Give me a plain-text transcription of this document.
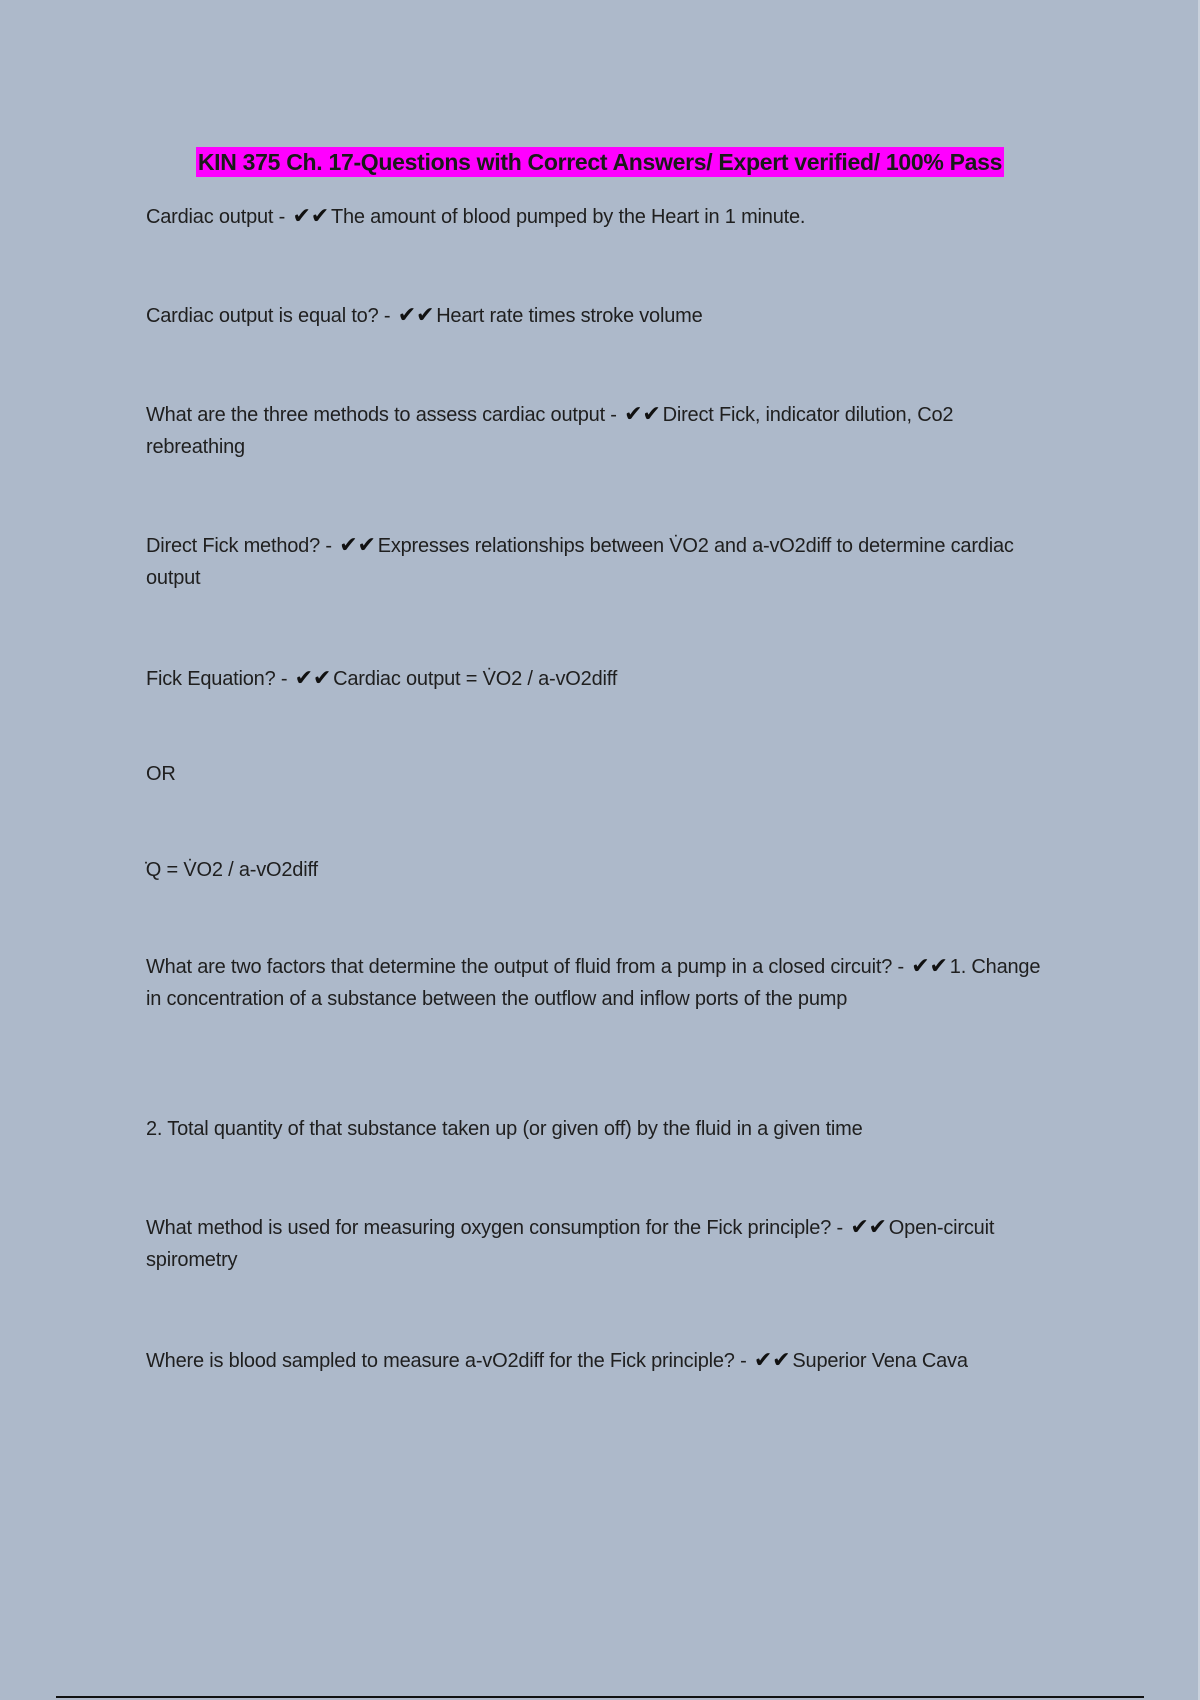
KIN 375 Ch. 17-Questions with Correct Answers/ Expert verified/ 100% Pass
Cardiac output - ✔✔ The amount of blood pumped by the Heart in 1 minute.
Cardiac output is equal to? - ✔✔ Heart rate times stroke volume
What are the three methods to assess cardiac output - ✔✔ Direct Fick, indicator dilution, Co2 rebreathing
Direct Fick method? - ✔✔ Expresses relationships between V̇O2 and a-vO2diff to determine cardiac output
Fick Equation? - ✔✔ Cardiac output = V̇O2 / a-vO2diff
OR
̇Q = V̇O2 / a-vO2diff
What are two factors that determine the output of fluid from a pump in a closed circuit? - ✔✔ 1. Change in concentration of a substance between the outflow and inflow ports of the pump
2. Total quantity of that substance taken up (or given off) by the fluid in a given time
What method is used for measuring oxygen consumption for the Fick principle? - ✔✔ Open-circuit spirometry
Where is blood sampled to measure a-vO2diff for the Fick principle? - ✔✔ Superior Vena Cava
